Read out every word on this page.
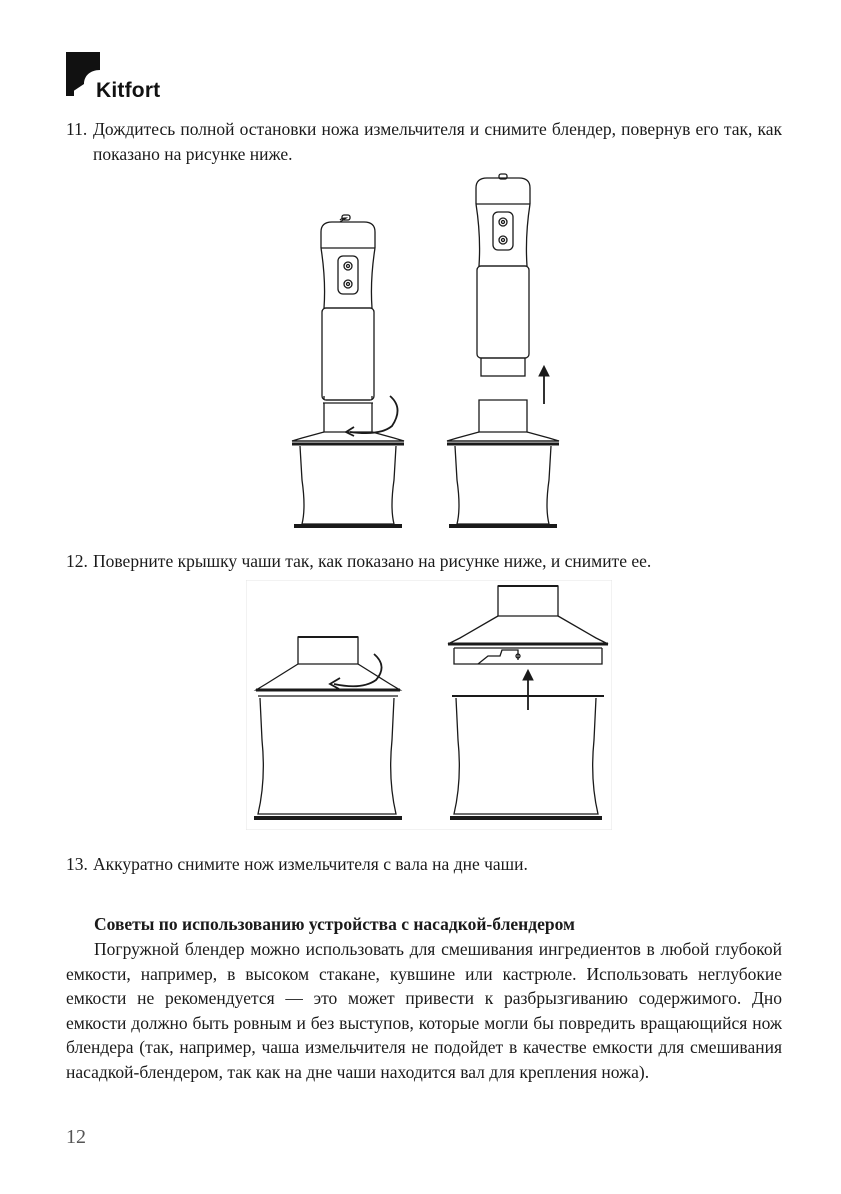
Kitfort
11. Дождитесь полной остановки ножа измельчителя и снимите блендер, повернув его так, как показано на рисунке ниже.
12. Поверните крышку чаши так, как показано на рисунке ниже, и снимите ее.
13. Аккуратно снимите нож измельчителя с вала на дне чаши.
Советы по использованию устройства с насадкой-блендером

Погружной блендер можно использовать для смешивания ингредиентов в любой глубокой емкости, например, в высоком стакане, кувшине или кастрюле. Использовать неглубокие емкости не рекомендуется — это может привести к разбрызгиванию содержимого. Дно емкости должно быть ровным и без выступов, которые могли бы повредить вращающийся нож блендера (так, например, чаша измельчителя не подойдет в качестве емкости для смешивания насадкой-блендером, так как на дне чаши находится вал для крепления ножа).

12
